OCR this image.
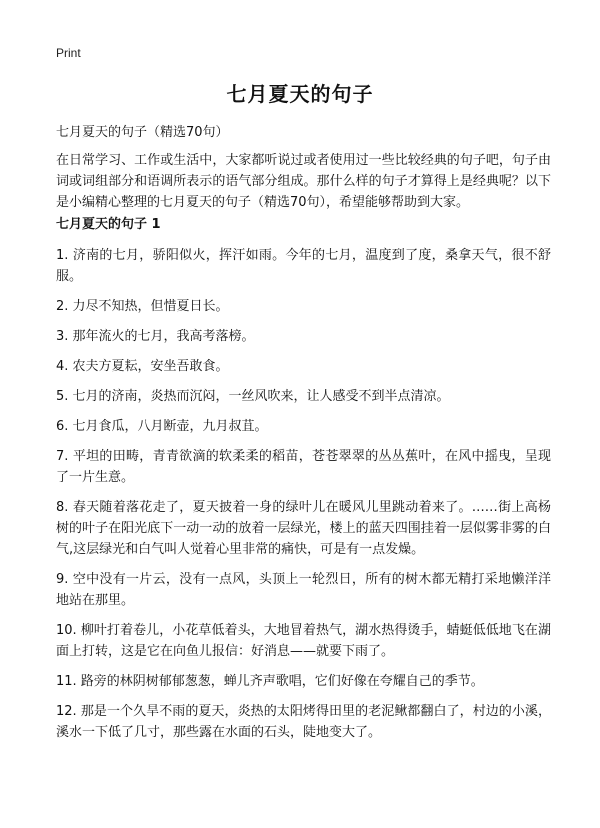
Print
七月夏天的句子
七月夏天的句子（精选70句）

在日常学习、工作或生活中，大家都听说过或者使用过一些比较经典的句子吧，句子由词或词组部分和语调所表示的语气部分组成。那什么样的句子才算得上是经典呢？以下是小编精心整理的七月夏天的句子（精选70句），希望能够帮助到大家。

七月夏天的句子 1
1. 济南的七月，骄阳似火，挥汗如雨。今年的七月，温度到了度，桑拿天气，很不舒服。
2. 力尽不知热，但惜夏日长。
3. 那年流火的七月，我高考落榜。
4. 农夫方夏耘，安坐吾敢食。
5. 七月的济南，炎热而沉闷，一丝风吹来，让人感受不到半点清凉。
6. 七月食瓜，八月断壶，九月叔苴。
7. 平坦的田畴，青青欲滴的软柔柔的稻苗，苍苍翠翠的丛丛蕉叶，在风中摇曳，呈现了一片生意。
8. 春天随着落花走了，夏天披着一身的绿叶儿在暖风儿里跳动着来了。……街上高杨树的叶子在阳光底下一动一动的放着一层绿光，楼上的蓝天四围挂着一层似雾非雾的白气,这层绿光和白气叫人觉着心里非常的痛快，可是有一点发燥。
9. 空中没有一片云，没有一点风，头顶上一轮烈日，所有的树木都无精打采地懒洋洋地站在那里。
10. 柳叶打着卷儿，小花草低着头，大地冒着热气，湖水热得烫手，蜻蜓低低地飞在湖面上打转，这是它在向鱼儿报信：好消息——就要下雨了。
11. 路旁的林阴树郁郁葱葱，蝉儿齐声歌唱，它们好像在夸耀自己的季节。
12. 那是一个久旱不雨的夏天，炎热的太阳烤得田里的老泥鳅都翻白了，村边的小溪，溪水一下低了几寸，那些露在水面的石头，陡地变大了。
